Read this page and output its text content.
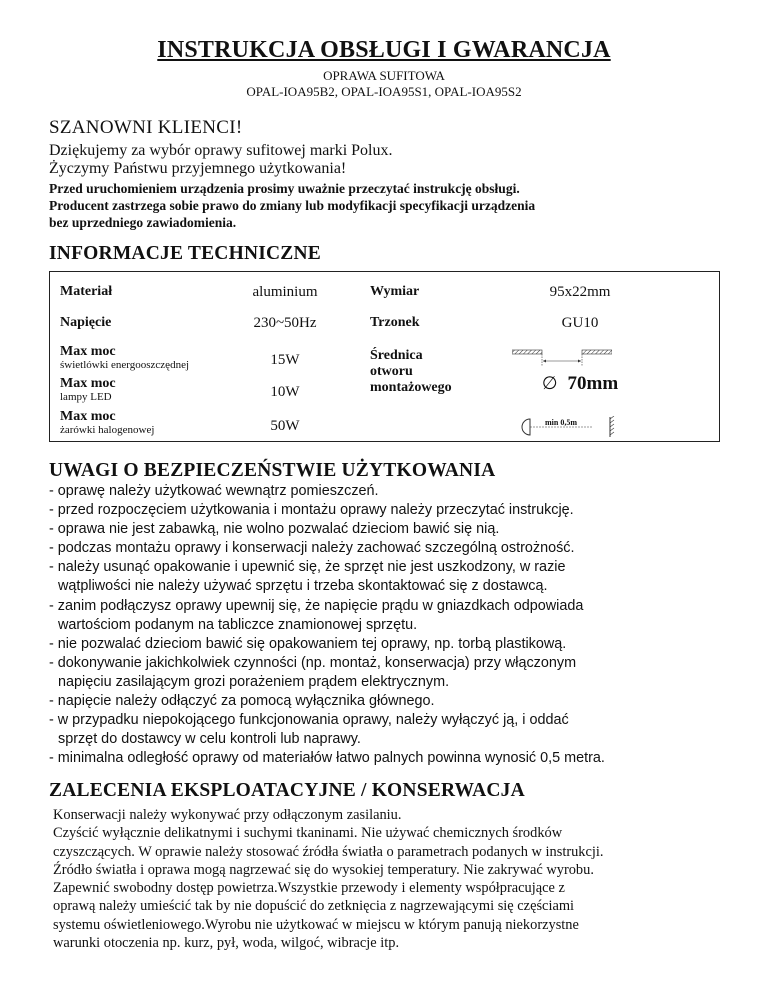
INSTRUKCJA OBSŁUGI I GWARANCJA
OPRAWA SUFITOWA
OPAL-IOA95B2, OPAL-IOA95S1, OPAL-IOA95S2
SZANOWNI KLIENCI!
Dziękujemy za wybór oprawy sufitowej marki Polux.
Życzymy Państwu przyjemnego użytkowania!
Przed uruchomieniem urządzenia prosimy uważnie przeczytać instrukcję obsługi.
Producent zastrzega sobie prawo do zmiany lub modyfikacji specyfikacji urządzenia
bez uprzedniego zawiadomienia.
INFORMACJE TECHNICZNE
Materiał	aluminium	Wymiar	95x22mm
Napięcie	230~50Hz	Trzonek	GU10
Max moc
świetlówki energooszczędnej	15W
Max moc
lampy LED	10W
Max moc
żarówki halogenowej	50W
Średnica
otworu
montażowego	∅ 70mm
min 0,5m
UWAGI O BEZPIECZEŃSTWIE UŻYTKOWANIA
- oprawę należy użytkować wewnątrz pomieszczeń.
- przed rozpoczęciem użytkowania i montażu oprawy należy przeczytać instrukcję.
- oprawa nie jest zabawką, nie wolno pozwalać dzieciom bawić się nią.
- podczas montażu oprawy i konserwacji należy zachować szczególną ostrożność.
- należy usunąć opakowanie i upewnić się, że sprzęt nie jest uszkodzony, w razie
wątpliwości nie należy używać sprzętu i trzeba skontaktować się z dostawcą.
- zanim podłączysz oprawy upewnij się, że napięcie prądu w gniazdkach odpowiada
wartościom podanym na tabliczce znamionowej sprzętu.
- nie pozwalać dzieciom bawić się opakowaniem tej oprawy, np. torbą plastikową.
- dokonywanie jakichkolwiek czynności (np. montaż, konserwacja) przy włączonym
napięciu zasilającym grozi porażeniem prądem elektrycznym.
- napięcie należy odłączyć za pomocą wyłącznika głównego.
- w przypadku niepokojącego funkcjonowania oprawy, należy wyłączyć ją, i oddać
sprzęt do dostawcy w celu kontroli lub naprawy.
- minimalna odległość oprawy od materiałów łatwo palnych powinna wynosić 0,5 metra.
ZALECENIA EKSPLOATACYJNE / KONSERWACJA
Konserwacji należy wykonywać przy odłączonym zasilaniu.
Czyścić wyłącznie delikatnymi i suchymi tkaninami. Nie używać chemicznych środków
czyszczących. W oprawie należy stosować źródła światła o parametrach podanych w instrukcji.
Źródło światła i oprawa mogą nagrzewać się do wysokiej temperatury. Nie zakrywać wyrobu.
Zapewnić swobodny dostęp powietrza.Wszystkie przewody i elementy współpracujące z
oprawą należy umieścić tak by nie dopuścić do zetknięcia z nagrzewającymi się częściami
systemu oświetleniowego.Wyrobu nie użytkować w miejscu w którym panują niekorzystne
warunki otoczenia np. kurz, pył, woda, wilgoć, wibracje itp.
